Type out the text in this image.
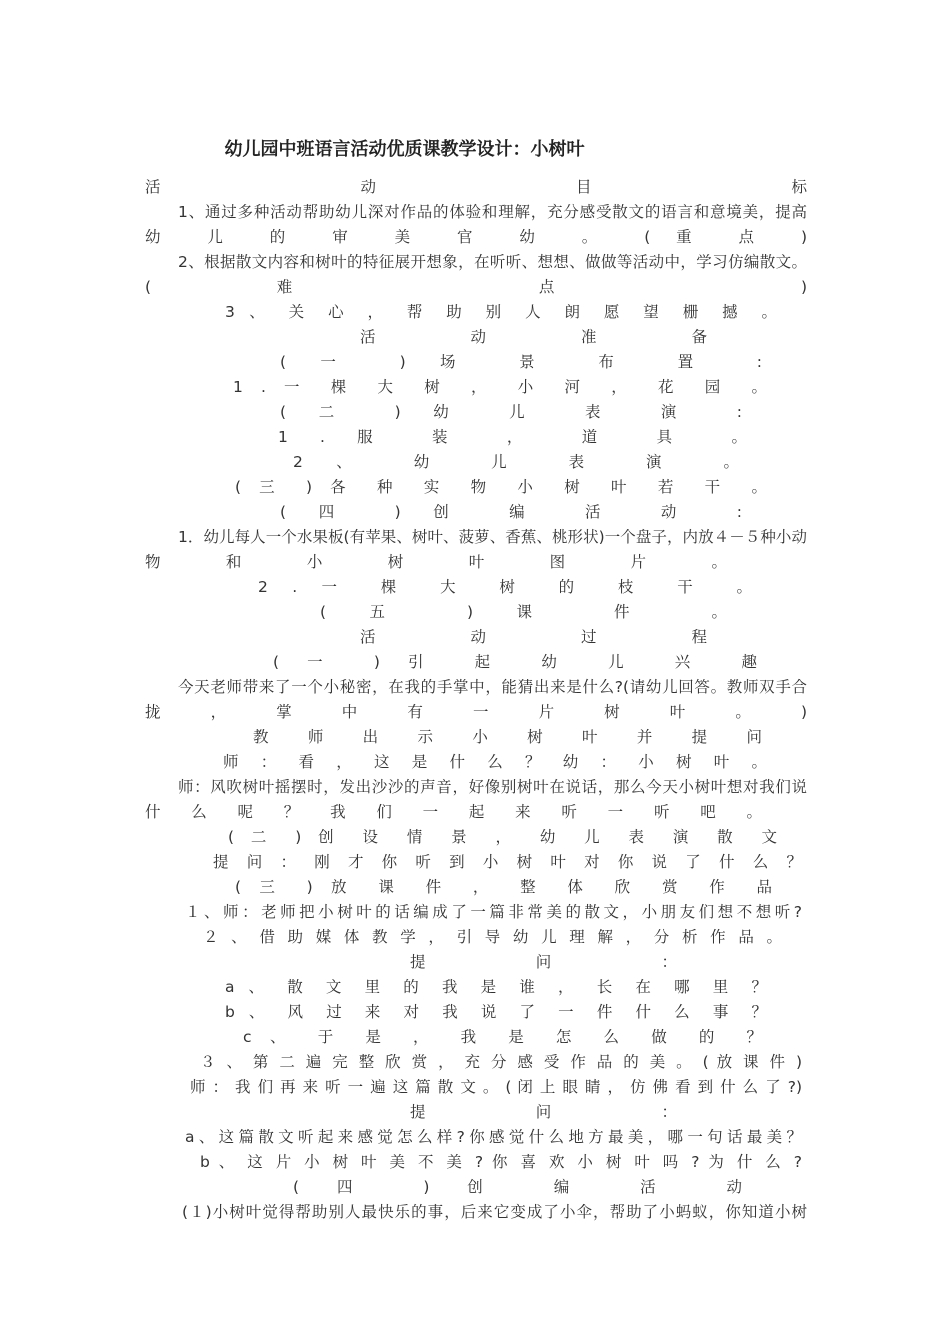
幼儿园中班语言活动优质课教学设计：小树叶
活 动 目 标
1、通过多种活动帮助幼儿深对作品的体验和理解，充分感受散文的语言和意境美，提高
幼 儿 的 审 美 官 幼 。 ( 重 点 )
2、根据散文内容和树叶的特征展开想象，在听听、想想、做做等活动中，学习仿编散文。
( 难 点 )
3 、 关 心 ， 帮 助 别 人 朗 愿 望 栅 撼 。
活 动 准 备
( 一 ) 场 景 布 置 :
1 . 一 棵 大 树 ， 小 河 ， 花 园 。
( 二 ) 幼 儿 表 演 :
1 . 服 装 ， 道 具 。
2 、 幼 儿 表 演 。
( 三 ) 各 种 实 物 小 树 叶 若 干 。
( 四 ) 创 编 活 动 :
1．幼儿每人一个水果板(有苹果、树叶、菠萝、香蕉、桃形状)一个盘子，内放４－５种小动
物 和 小 树 叶 图 片 。
2 . 一 棵 大 树 的 枝 干 。
( 五 ) 课 件 。
活 动 过 程
( 一 ) 引 起 幼 儿 兴 趣
今天老师带来了一个小秘密，在我的手掌中，能猜出来是什么?(请幼儿回答。教师双手合
拢 ， 掌 中 有 一 片 树 叶 。 )
教 师 出 示 小 树 叶 并 提 问
师 ： 看 ， 这 是 什 么 ？ 幼 ： 小 树 叶 。
师：风吹树叶摇摆时，发出沙沙的声音，好像别树叶在说话，那么今天小树叶想对我们说
什 么 呢 ？ 我 们 一 起 来 听 一 听 吧 。
( 二 ) 创 设 情 景 ， 幼 儿 表 演 散 文
提 问 ： 刚 才 你 听 到 小 树 叶 对 你 说 了 什 么 ？
( 三 ) 放 课 件 ， 整 体 欣 赏 作 品
１、师：老师把小树叶的话编成了一篇非常美的散文，小朋友们想不想听?
２ 、 借 助 媒 体 教 学 ， 引 导 幼 儿 理 解 ， 分 析 作 品 。
提 问 ：
a 、 散 文 里 的 我 是 谁 ， 长 在 哪 里 ？
b 、 风 过 来 对 我 说 了 一 件 什 么 事 ？
c 、 于 是 ， 我 是 怎 么 做 的 ？
３ 、 第 二 遍 完 整 欣 赏 ， 充 分 感 受 作 品 的 美 。 ( 放 课 件 )
师 ： 我 们 再 来 听 一 遍 这 篇 散 文 。 ( 闭 上 眼 睛 ， 仿 佛 看 到 什 么 了 ?)
提 问 ：
a、这篇散文听起来感觉怎么样?你感觉什么地方最美，哪一句话最美？
b 、 这 片 小 树 叶 美 不 美 ? 你 喜 欢 小 树 叶 吗 ? 为 什 么 ?
( 四 ) 创 编 活 动
(１)小树叶觉得帮助别人最快乐的事，后来它变成了小伞，帮助了小蚂蚁，你知道小树
